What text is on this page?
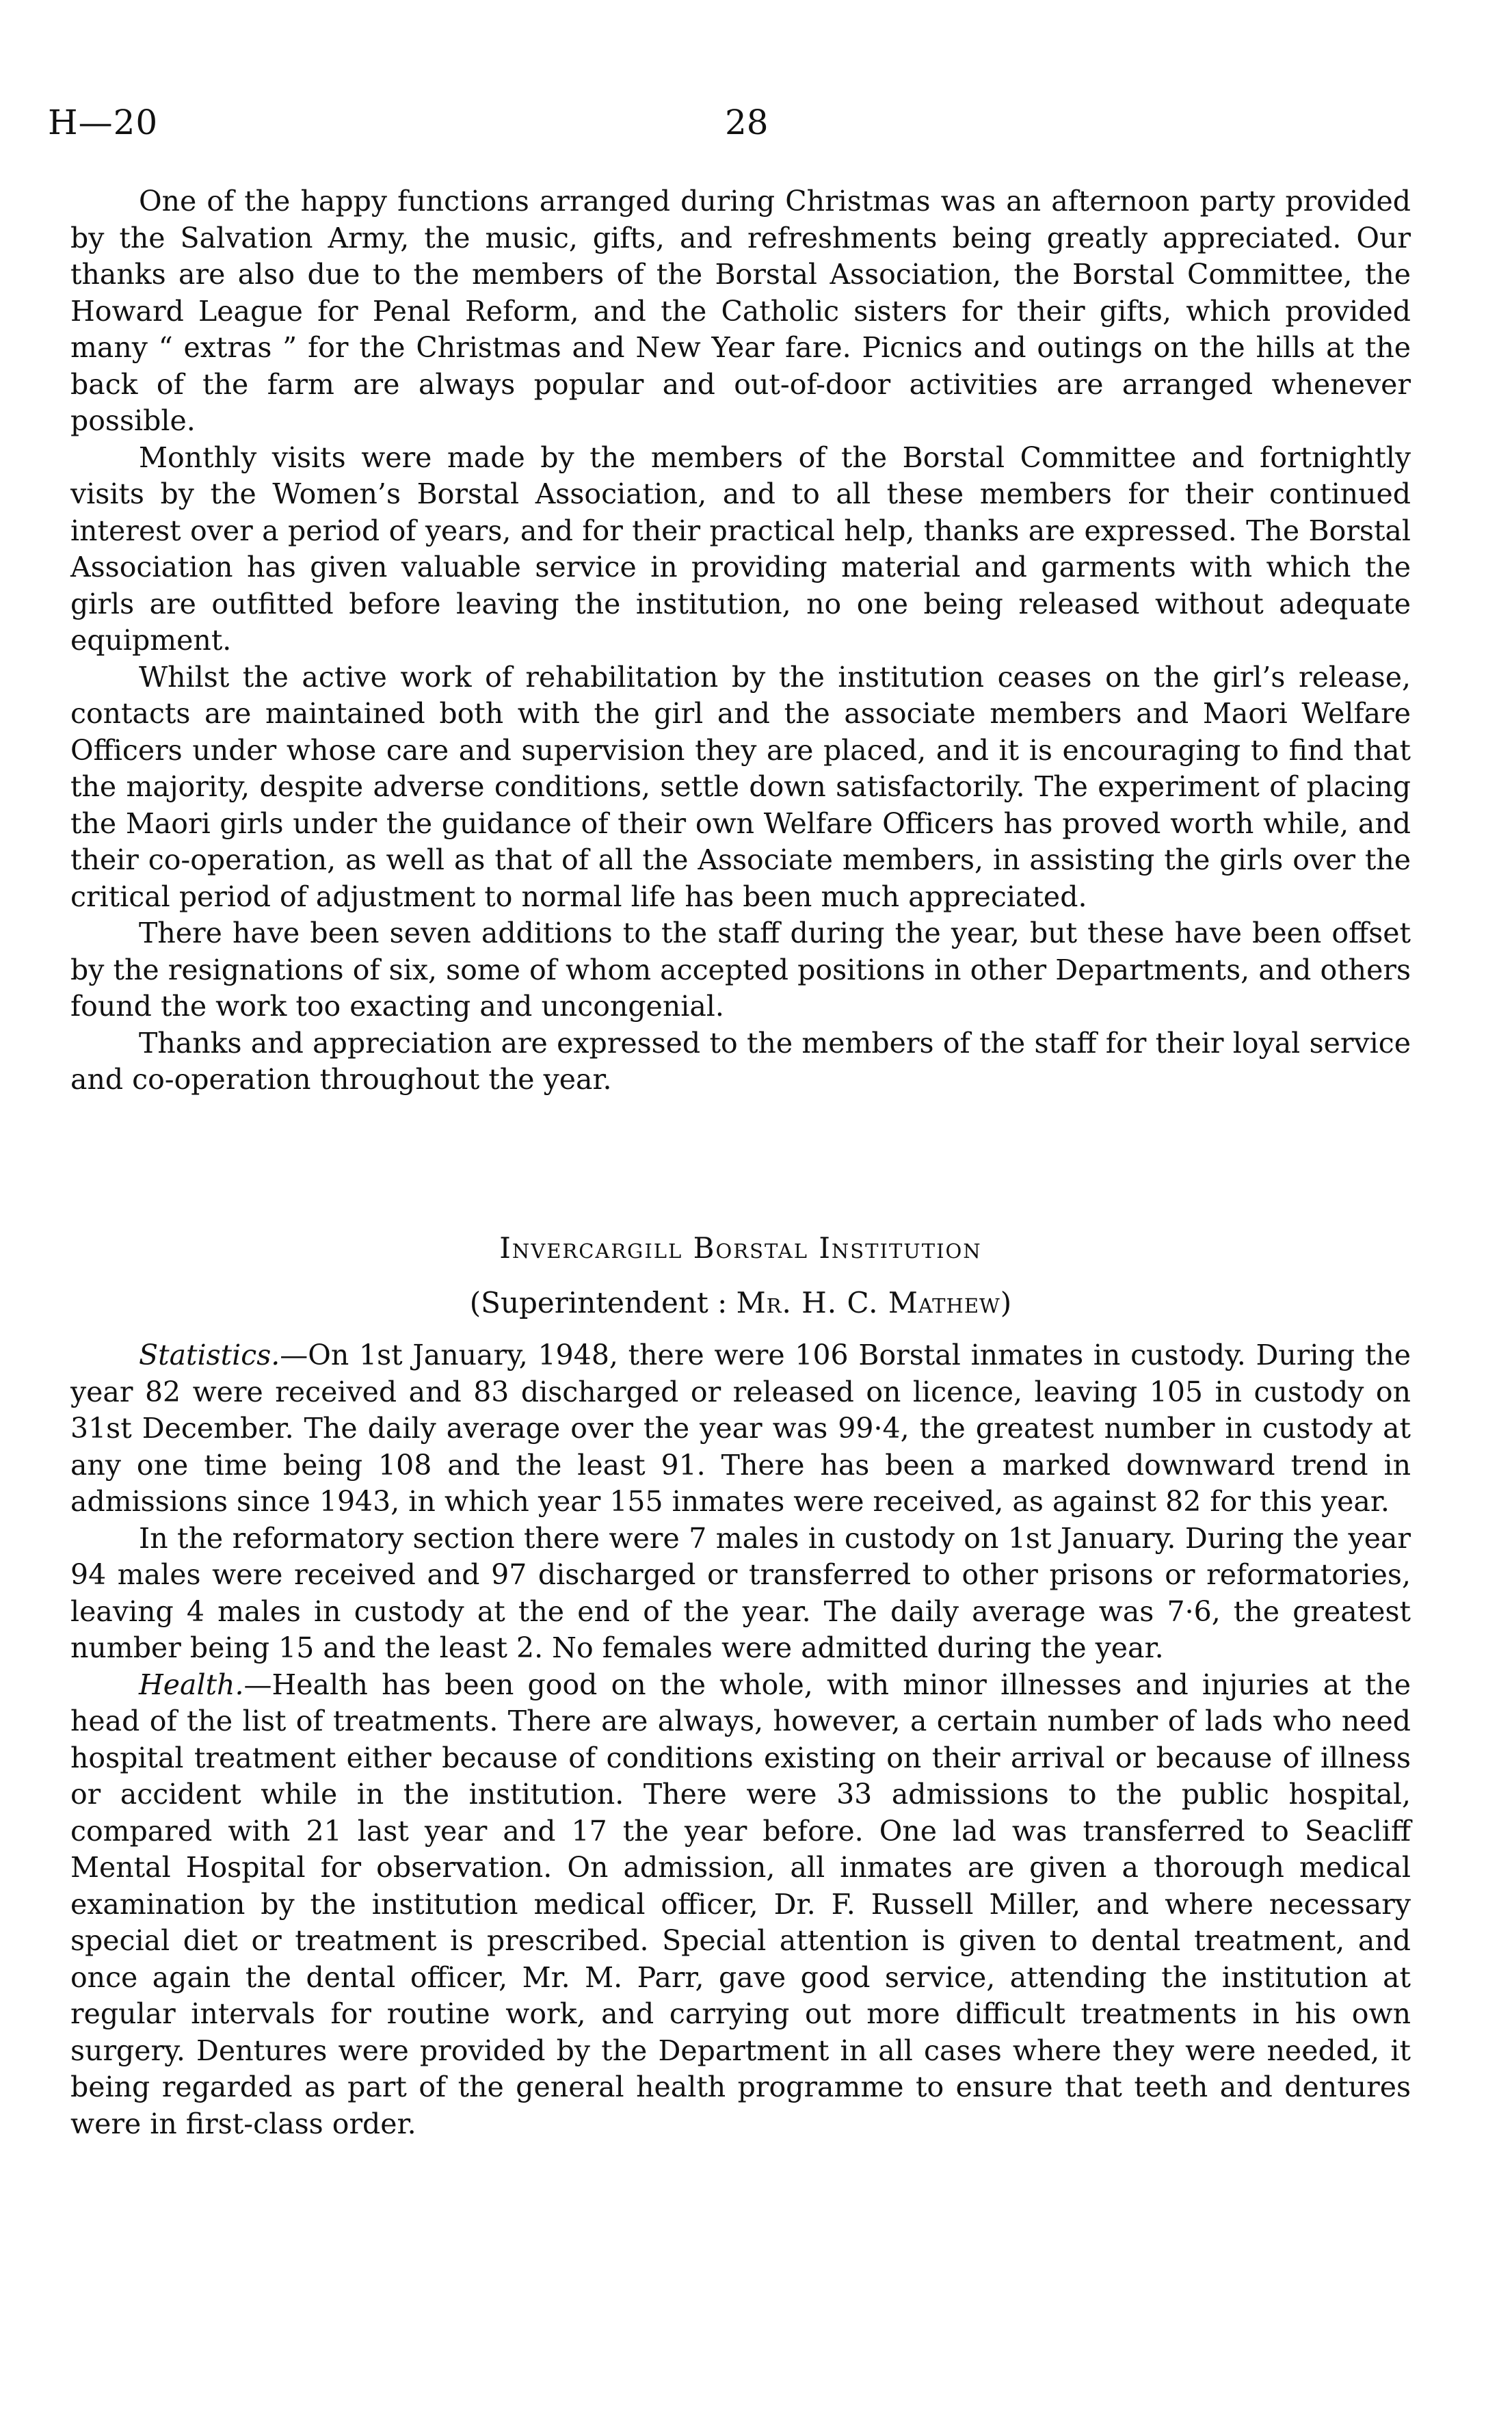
H—20	28

One of the happy functions arranged during Christmas was an afternoon party provided by the Salvation Army, the music, gifts, and refreshments being greatly appreciated. Our thanks are also due to the members of the Borstal Association, the Borstal Committee, the Howard League for Penal Reform, and the Catholic sisters for their gifts, which provided many “ extras ” for the Christmas and New Year fare. Picnics and outings on the hills at the back of the farm are always popular and out-of-door activities are arranged whenever possible.

Monthly visits were made by the members of the Borstal Committee and fortnightly visits by the Women’s Borstal Association, and to all these members for their continued interest over a period of years, and for their practical help, thanks are expressed. The Borstal Association has given valuable service in providing material and garments with which the girls are outfitted before leaving the institution, no one being released without adequate equipment.

Whilst the active work of rehabilitation by the institution ceases on the girl’s release, contacts are maintained both with the girl and the associate members and Maori Welfare Officers under whose care and supervision they are placed, and it is encouraging to find that the majority, despite adverse conditions, settle down satisfactorily. The experiment of placing the Maori girls under the guidance of their own Welfare Officers has proved worth while, and their co-operation, as well as that of all the Associate members, in assisting the girls over the critical period of adjustment to normal life has been much appreciated.

There have been seven additions to the staff during the year, but these have been offset by the resignations of six, some of whom accepted positions in other Departments, and others found the work too exacting and uncongenial.

Thanks and appreciation are expressed to the members of the staff for their loyal service and co-operation throughout the year.

Invercargill Borstal Institution
(Superintendent : Mr. H. C. Mathew)

Statistics.—On 1st January, 1948, there were 106 Borstal inmates in custody. During the year 82 were received and 83 discharged or released on licence, leaving 105 in custody on 31st December. The daily average over the year was 99·4, the greatest number in custody at any one time being 108 and the least 91. There has been a marked downward trend in admissions since 1943, in which year 155 inmates were received, as against 82 for this year.

In the reformatory section there were 7 males in custody on 1st January. During the year 94 males were received and 97 discharged or transferred to other prisons or reformatories, leaving 4 males in custody at the end of the year. The daily average was 7·6, the greatest number being 15 and the least 2. No females were admitted during the year.

Health.—Health has been good on the whole, with minor illnesses and injuries at the head of the list of treatments. There are always, however, a certain number of lads who need hospital treatment either because of conditions existing on their arrival or because of illness or accident while in the institution. There were 33 admissions to the public hospital, compared with 21 last year and 17 the year before. One lad was transferred to Seacliff Mental Hospital for observation. On admission, all inmates are given a thorough medical examination by the institution medical officer, Dr. F. Russell Miller, and where necessary special diet or treatment is prescribed. Special attention is given to dental treatment, and once again the dental officer, Mr. M. Parr, gave good service, attending the institution at regular intervals for routine work, and carrying out more difficult treatments in his own surgery. Dentures were provided by the Department in all cases where they were needed, it being regarded as part of the general health programme to ensure that teeth and dentures were in first-class order.
